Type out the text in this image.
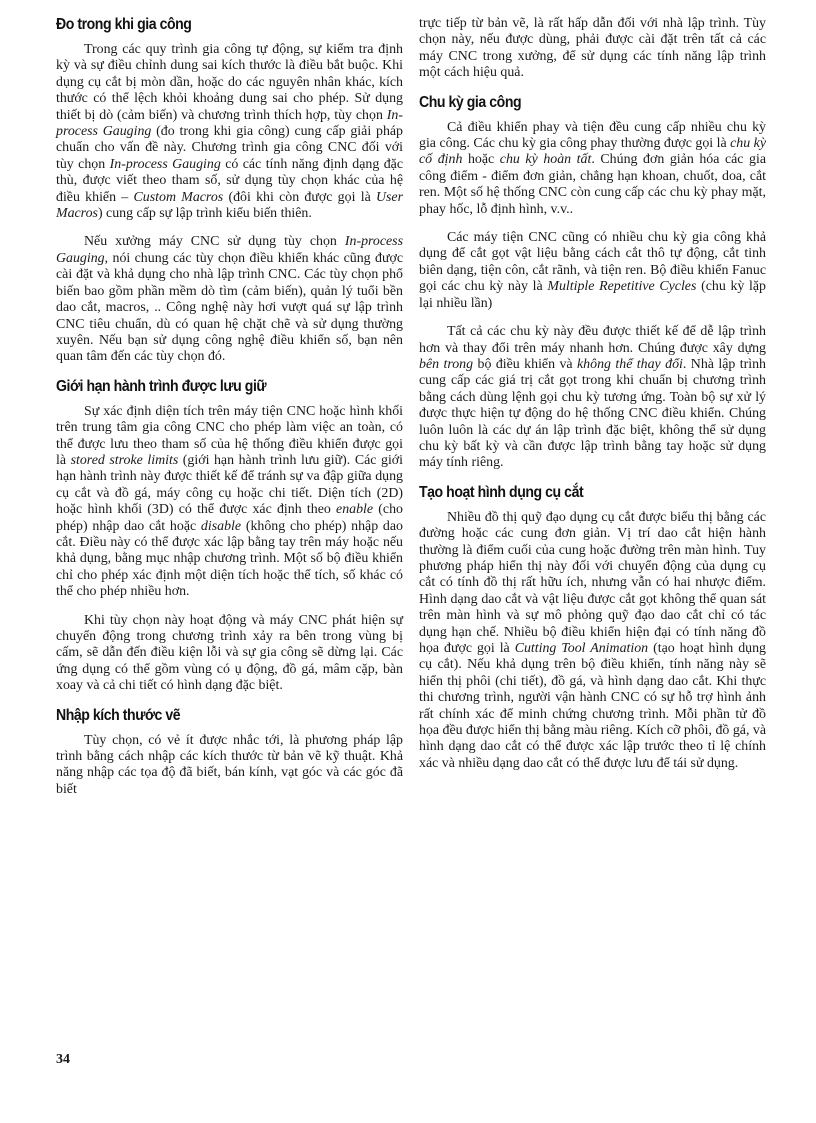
Đo trong khi gia công

Trong các quy trình gia công tự động, sự kiểm tra định kỳ và sự điều chỉnh dung sai kích thước là điều bắt buộc. Khi dụng cụ cắt bị mòn dần, hoặc do các nguyên nhân khác, kích thước có thể lệch khỏi khoảng dung sai cho phép. Sử dụng thiết bị dò (cảm biến) và chương trình thích hợp, tùy chọn In-process Gauging (đo trong khi gia công) cung cấp giải pháp chuẩn cho vấn đề này. Chương trình gia công CNC đối với tùy chọn In-process Gauging có các tính năng định dạng đặc thù, được viết theo tham số, sử dụng tùy chọn khác của hệ điều khiển – Custom Macros (đôi khi còn được gọi là User Macros) cung cấp sự lập trình kiểu biến thiên.

Nếu xưởng máy CNC sử dụng tùy chọn In-process Gauging, nói chung các tùy chọn điều khiển khác cũng được cài đặt và khả dụng cho nhà lập trình CNC. Các tùy chọn phổ biến bao gồm phần mềm dò tìm (cảm biến), quản lý tuổi bền dao cắt, macros, .. Công nghệ này hơi vượt quá sự lập trình CNC tiêu chuẩn, dù có quan hệ chặt chẽ và sử dụng thường xuyên. Nếu bạn sử dụng công nghệ điều khiển số, bạn nên quan tâm đến các tùy chọn đó.

Giới hạn hành trình được lưu giữ

Sự xác định diện tích trên máy tiện CNC hoặc hình khối trên trung tâm gia công CNC cho phép làm việc an toàn, có thể được lưu theo tham số của hệ thống điều khiển được gọi là stored stroke limits (giới hạn hành trình lưu giữ). Các giới hạn hành trình này được thiết kế để tránh sự va đập giữa dụng cụ cắt và đồ gá, máy công cụ hoặc chi tiết. Diện tích (2D) hoặc hình khối (3D) có thể được xác định theo enable (cho phép) nhập dao cắt hoặc disable (không cho phép) nhập dao cắt. Điều này có thể được xác lập bằng tay trên máy hoặc nếu khả dụng, bằng mục nhập chương trình. Một số bộ điều khiển chỉ cho phép xác định một diện tích hoặc thể tích, số khác có thể cho phép nhiều hơn.

Khi tùy chọn này hoạt động và máy CNC phát hiện sự chuyển động trong chương trình xảy ra bên trong vùng bị cấm, sẽ dẫn đến điều kiện lỗi và sự gia công sẽ dừng lại. Các ứng dụng có thể gồm vùng có ụ động, đồ gá, mâm cặp, bàn xoay và cả chi tiết có hình dạng đặc biệt.

Nhập kích thước vẽ

Tùy chọn, có vẻ ít được nhắc tới, là phương pháp lập trình bằng cách nhập các kích thước từ bản vẽ kỹ thuật. Khả năng nhập các tọa độ đã biết, bán kính, vạt góc và các góc đã biết

trực tiếp từ bản vẽ, là rất hấp dẫn đối với nhà lập trình. Tùy chọn này, nếu được dùng, phải được cài đặt trên tất cả các máy CNC trong xưởng, để sử dụng các tính năng lập trình một cách hiệu quả.

Chu kỳ gia công

Cả điều khiển phay và tiện đều cung cấp nhiều chu kỳ gia công. Các chu kỳ gia công phay thường được gọi là chu kỳ cố định hoặc chu kỳ hoàn tất. Chúng đơn giản hóa các gia công điểm - điểm đơn giản, chẳng hạn khoan, chuốt, doa, cắt ren. Một số hệ thống CNC còn cung cấp các chu kỳ phay mặt, phay hốc, lỗ định hình, v.v..

Các máy tiện CNC cũng có nhiều chu kỳ gia công khả dụng để cắt gọt vật liệu bằng cách cắt thô tự động, cắt tinh biên dạng, tiện côn, cắt rãnh, và tiện ren. Bộ điều khiển Fanuc gọi các chu kỳ này là Multiple Repetitive Cycles (chu kỳ lặp lại nhiều lần)

Tất cả các chu kỳ này đều được thiết kế để dễ lập trình hơn và thay đổi trên máy nhanh hơn. Chúng được xây dựng bên trong bộ điều khiển và không thể thay đổi. Nhà lập trình cung cấp các giá trị cắt gọt trong khi chuẩn bị chương trình bằng cách dùng lệnh gọi chu kỳ tương ứng. Toàn bộ sự xử lý được thực hiện tự động do hệ thống CNC điều khiển. Chúng luôn luôn là các dự án lập trình đặc biệt, không thể sử dụng chu kỳ bất kỳ và cần được lập trình bằng tay hoặc sử dụng máy tính riêng.

Tạo hoạt hình dụng cụ cắt

Nhiều đồ thị quỹ đạo dụng cụ cắt được biểu thị bằng các đường hoặc các cung đơn giản. Vị trí dao cắt hiện hành thường là điểm cuối của cung hoặc đường trên màn hình. Tuy phương pháp hiển thị này đối với chuyển động của dụng cụ cắt có tính đồ thị rất hữu ích, nhưng vẫn có hai nhược điểm. Hình dạng dao cắt và vật liệu được cắt gọt không thể quan sát trên màn hình và sự mô phỏng quỹ đạo dao cắt chỉ có tác dụng hạn chế. Nhiều bộ điều khiển hiện đại có tính năng đồ họa được gọi là Cutting Tool Animation (tạo hoạt hình dụng cụ cắt). Nếu khả dụng trên bộ điều khiển, tính năng này sẽ hiển thị phôi (chi tiết), đồ gá, và hình dạng dao cắt. Khi thực thi chương trình, người vận hành CNC có sự hỗ trợ hình ảnh rất chính xác để minh chứng chương trình. Mỗi phần tử đồ họa đều được hiển thị bằng màu riêng. Kích cỡ phôi, đồ gá, và hình dạng dao cắt có thể được xác lập trước theo tỉ lệ chính xác và nhiều dạng dao cắt có thể được lưu để tái sử dụng.

34
